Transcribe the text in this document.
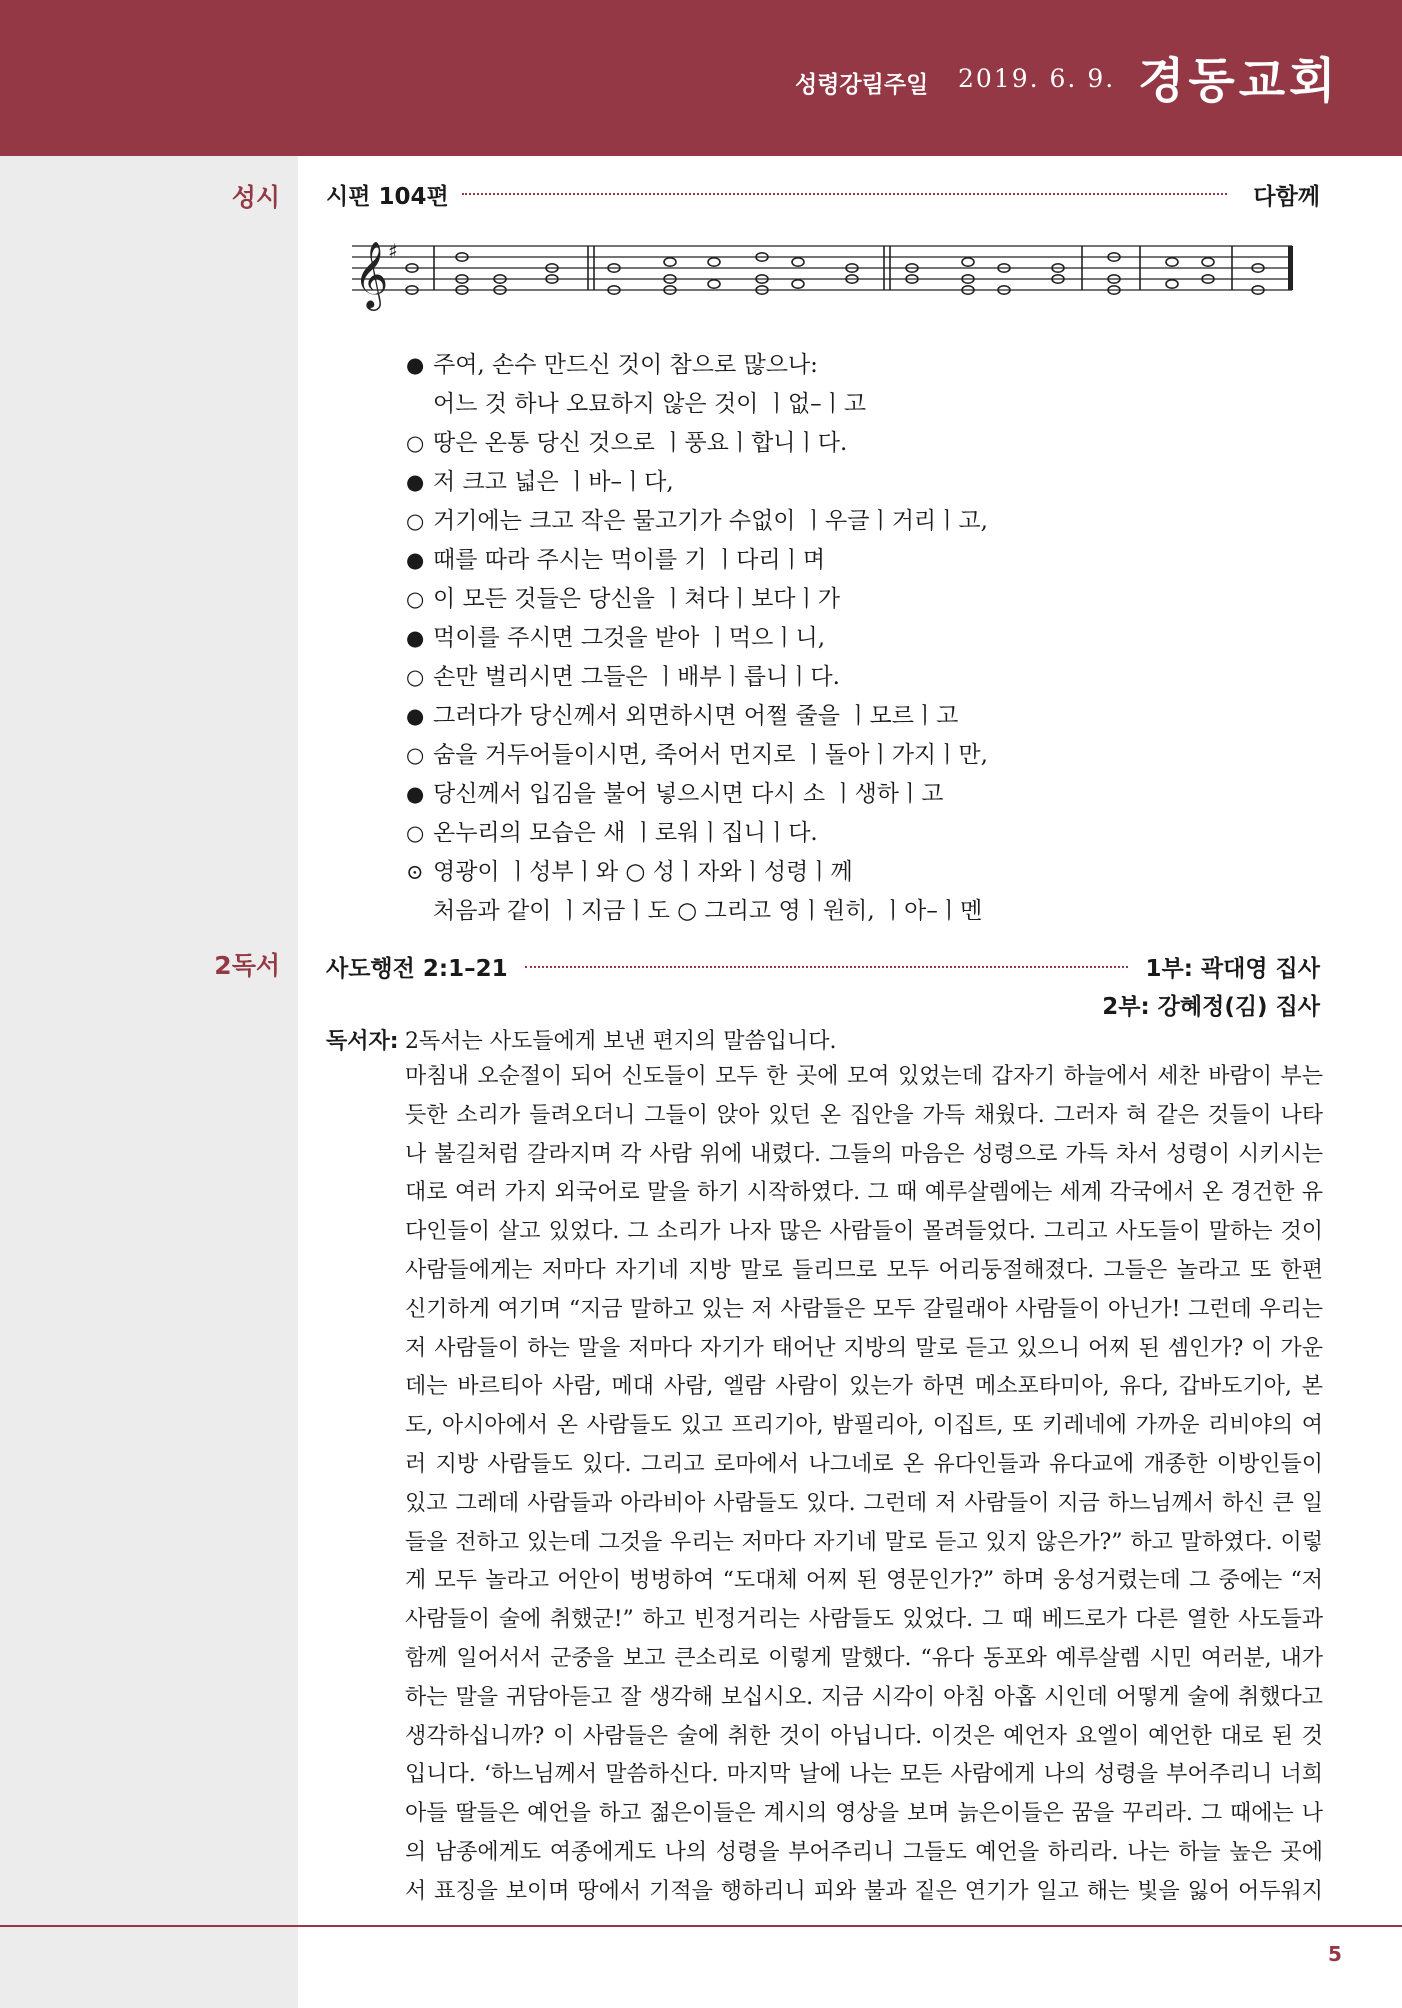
성령강림주일 2019. 6. 9. 경동교회
성시 시편 104편	다함께
𝄞 ♯
● 주여, 손수 만드신 것이 참으로 많으나:
어느 것 하나 오묘하지 않은 것이 ㅣ없–ㅣ고
○ 땅은 온통 당신 것으로 ㅣ풍요ㅣ합니ㅣ다.
● 저 크고 넓은 ㅣ바–ㅣ다,
○ 거기에는 크고 작은 물고기가 수없이 ㅣ우글ㅣ거리ㅣ고,
● 때를 따라 주시는 먹이를 기 ㅣ다리ㅣ며
○ 이 모든 것들은 당신을 ㅣ쳐다ㅣ보다ㅣ가
● 먹이를 주시면 그것을 받아 ㅣ먹으ㅣ니,
○ 손만 벌리시면 그들은 ㅣ배부ㅣ릅니ㅣ다.
● 그러다가 당신께서 외면하시면 어쩔 줄을 ㅣ모르ㅣ고
○ 숨을 거두어들이시면, 죽어서 먼지로 ㅣ돌아ㅣ가지ㅣ만,
● 당신께서 입김을 불어 넣으시면 다시 소 ㅣ생하ㅣ고
○ 온누리의 모습은 새 ㅣ로워ㅣ집니ㅣ다.
⊙ 영광이 ㅣ성부ㅣ와 ○ 성ㅣ자와ㅣ성령ㅣ께
처음과 같이 ㅣ지금ㅣ도 ○ 그리고 영ㅣ원히, ㅣ아–ㅣ멘
2독서 사도행전 2:1–21	1부: 곽대영 집사
2부: 강혜정(김) 집사
독서자: 2독서는 사도들에게 보낸 편지의 말씀입니다.
마침내 오순절이 되어 신도들이 모두 한 곳에 모여 있었는데 갑자기 하늘에서 세찬 바람이 부는
듯한 소리가 들려오더니 그들이 앉아 있던 온 집안을 가득 채웠다. 그러자 혀 같은 것들이 나타
나 불길처럼 갈라지며 각 사람 위에 내렸다. 그들의 마음은 성령으로 가득 차서 성령이 시키시는
대로 여러 가지 외국어로 말을 하기 시작하였다. 그 때 예루살렘에는 세계 각국에서 온 경건한 유
다인들이 살고 있었다. 그 소리가 나자 많은 사람들이 몰려들었다. 그리고 사도들이 말하는 것이
사람들에게는 저마다 자기네 지방 말로 들리므로 모두 어리둥절해졌다. 그들은 놀라고 또 한편
신기하게 여기며 “지금 말하고 있는 저 사람들은 모두 갈릴래아 사람들이 아닌가! 그런데 우리는
저 사람들이 하는 말을 저마다 자기가 태어난 지방의 말로 듣고 있으니 어찌 된 셈인가? 이 가운
데는 바르티아 사람, 메대 사람, 엘람 사람이 있는가 하면 메소포타미아, 유다, 갑바도기아, 본
도, 아시아에서 온 사람들도 있고 프리기아, 밤필리아, 이집트, 또 키레네에 가까운 리비야의 여
러 지방 사람들도 있다. 그리고 로마에서 나그네로 온 유다인들과 유다교에 개종한 이방인들이
있고 그레데 사람들과 아라비아 사람들도 있다. 그런데 저 사람들이 지금 하느님께서 하신 큰 일
들을 전하고 있는데 그것을 우리는 저마다 자기네 말로 듣고 있지 않은가?” 하고 말하였다. 이렇
게 모두 놀라고 어안이 벙벙하여 “도대체 어찌 된 영문인가?” 하며 웅성거렸는데 그 중에는 “저
사람들이 술에 취했군!” 하고 빈정거리는 사람들도 있었다. 그 때 베드로가 다른 열한 사도들과
함께 일어서서 군중을 보고 큰소리로 이렇게 말했다. “유다 동포와 예루살렘 시민 여러분, 내가
하는 말을 귀담아듣고 잘 생각해 보십시오. 지금 시각이 아침 아홉 시인데 어떻게 술에 취했다고
생각하십니까? 이 사람들은 술에 취한 것이 아닙니다. 이것은 예언자 요엘이 예언한 대로 된 것
입니다. ‘하느님께서 말씀하신다. 마지막 날에 나는 모든 사람에게 나의 성령을 부어주리니 너희
아들 딸들은 예언을 하고 젊은이들은 계시의 영상을 보며 늙은이들은 꿈을 꾸리라. 그 때에는 나
의 남종에게도 여종에게도 나의 성령을 부어주리니 그들도 예언을 하리라. 나는 하늘 높은 곳에
서 표징을 보이며 땅에서 기적을 행하리니 피와 불과 짙은 연기가 일고 해는 빛을 잃어 어두워지
5
